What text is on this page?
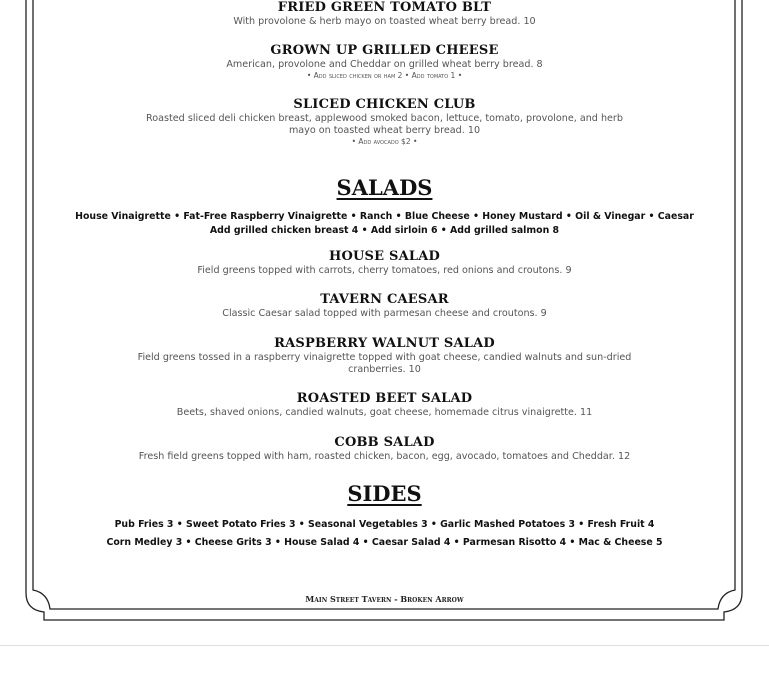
FRIED GREEN TOMATO BLT

With provolone & herb mayo on toasted wheat berry bread. 10

GROWN UP GRILLED CHEESE

American, provolone and Cheddar on grilled wheat berry bread. 8

• Add sliced chicken or ham 2 • Add tomato 1 •

SLICED CHICKEN CLUB

Roasted sliced deli chicken breast, applewood smoked bacon, lettuce, tomato, provolone, and herb

mayo on toasted wheat berry bread. 10

• Add avocado $2 •

SALADS

House Vinaigrette • Fat-Free Raspberry Vinaigrette • Ranch • Blue Cheese • Honey Mustard • Oil & Vinegar • Caesar

Add grilled chicken breast 4 • Add sirloin 6 • Add grilled salmon 8

HOUSE SALAD

Field greens topped with carrots, cherry tomatoes, red onions and croutons. 9

TAVERN CAESAR

Classic Caesar salad topped with parmesan cheese and croutons. 9

RASPBERRY WALNUT SALAD

Field greens tossed in a raspberry vinaigrette topped with goat cheese, candied walnuts and sun-dried

cranberries. 10

ROASTED BEET SALAD

Beets, shaved onions, candied walnuts, goat cheese, homemade citrus vinaigrette. 11

COBB SALAD

Fresh field greens topped with ham, roasted chicken, bacon, egg, avocado, tomatoes and Cheddar. 12

SIDES

Pub Fries 3 • Sweet Potato Fries 3 • Seasonal Vegetables 3 • Garlic Mashed Potatoes 3 • Fresh Fruit 4

Corn Medley 3 • Cheese Grits 3 • House Salad 4 • Caesar Salad 4 • Parmesan Risotto 4 • Mac & Cheese 5

Main Street Tavern - Broken Arrow
